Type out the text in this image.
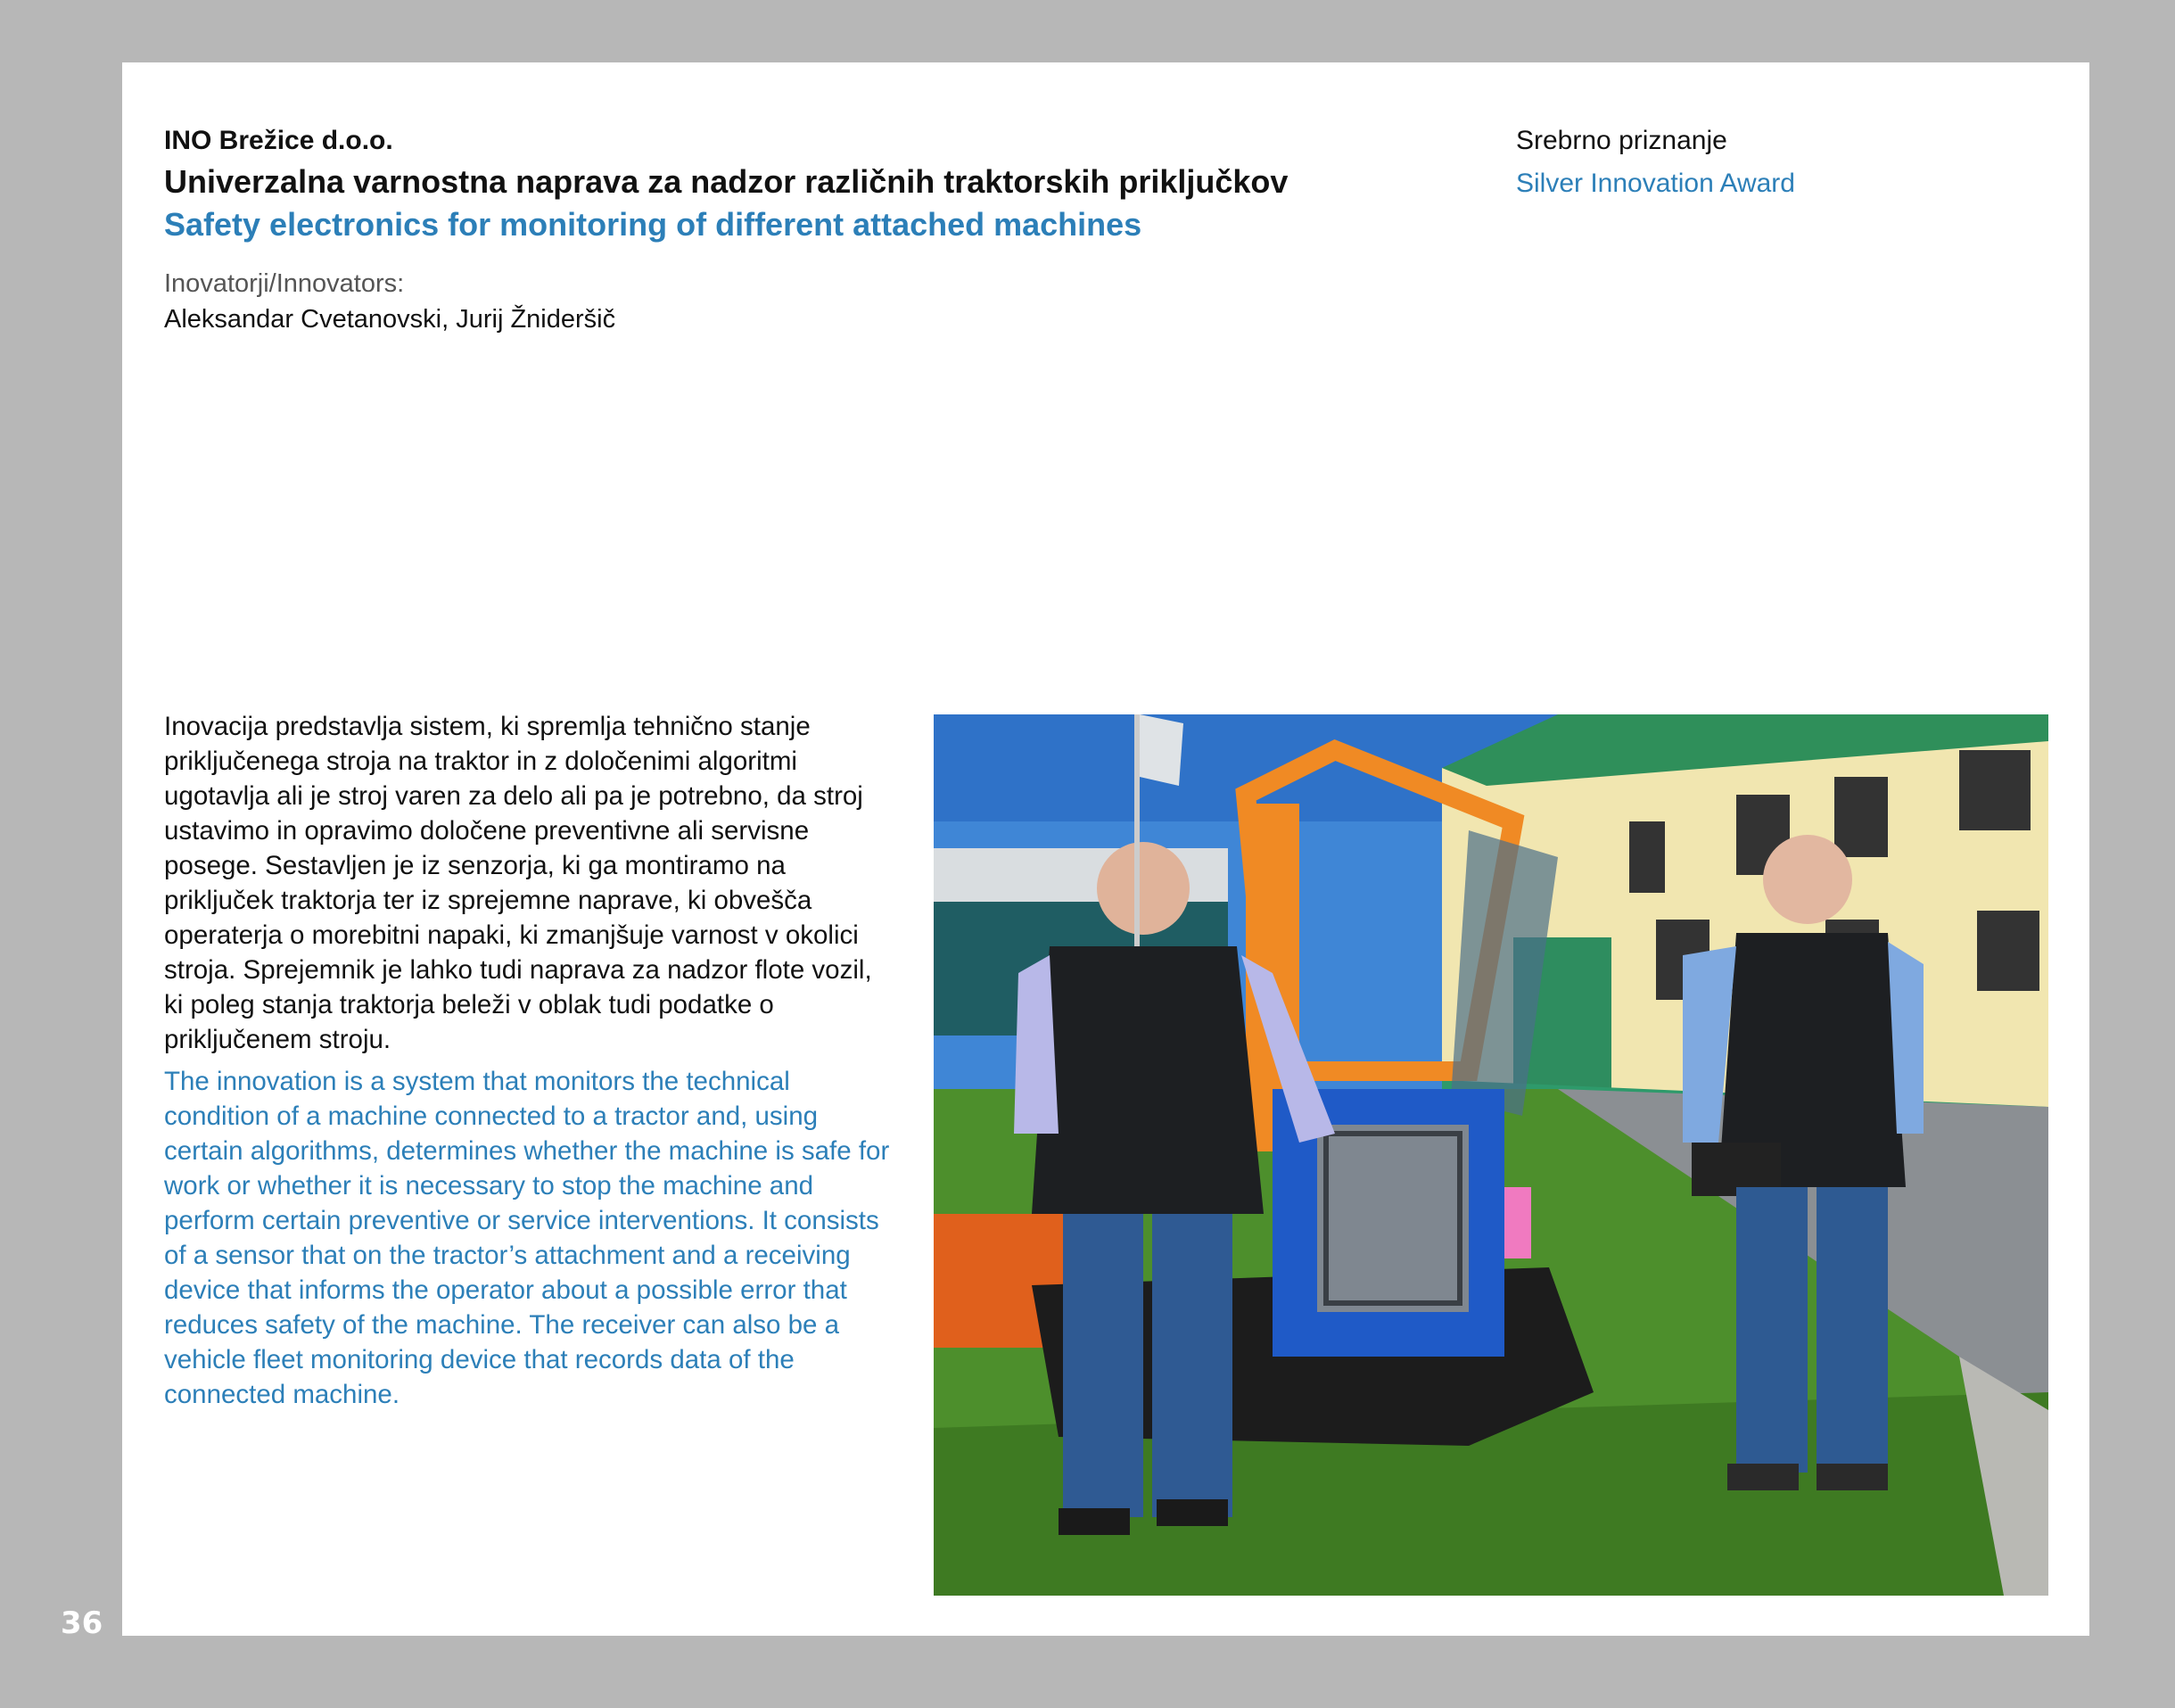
INO Brežice d.o.o.
Univerzalna varnostna naprava za nadzor različnih traktorskih priključkov
Safety electronics for monitoring of different attached machines
Inovatorji/Innovators:
Aleksandar Cvetanovski, Jurij Žnideršič
Srebrno priznanje
Silver Innovation Award

Inovacija predstavlja sistem, ki spremlja tehnično stanje priključenega stroja na traktor in z določenimi algoritmi ugotavlja ali je stroj varen za delo ali pa je potrebno, da stroj ustavimo in opravimo določene preventivne ali servisne posege. Sestavljen je iz senzorja, ki ga montiramo na priključek traktorja ter iz sprejemne naprave, ki obvešča operaterja o morebitni napaki, ki zmanjšuje varnost v okolici stroja. Sprejemnik je lahko tudi naprava za nadzor flote vozil, ki poleg stanja traktorja beleži v oblak tudi podatke o priključenem stroju.

The innovation is a system that monitors the technical condition of a machine connected to a tractor and, using certain algorithms, determines whether the machine is safe for work or whether it is necessary to stop the machine and perform certain preventive or service interventions. It consists of a sensor that on the tractor’s attachment and a receiving device that informs the operator about a possible error that reduces safety of the machine. The receiver can also be a vehicle fleet monitoring device that records data of the connected machine.

36
